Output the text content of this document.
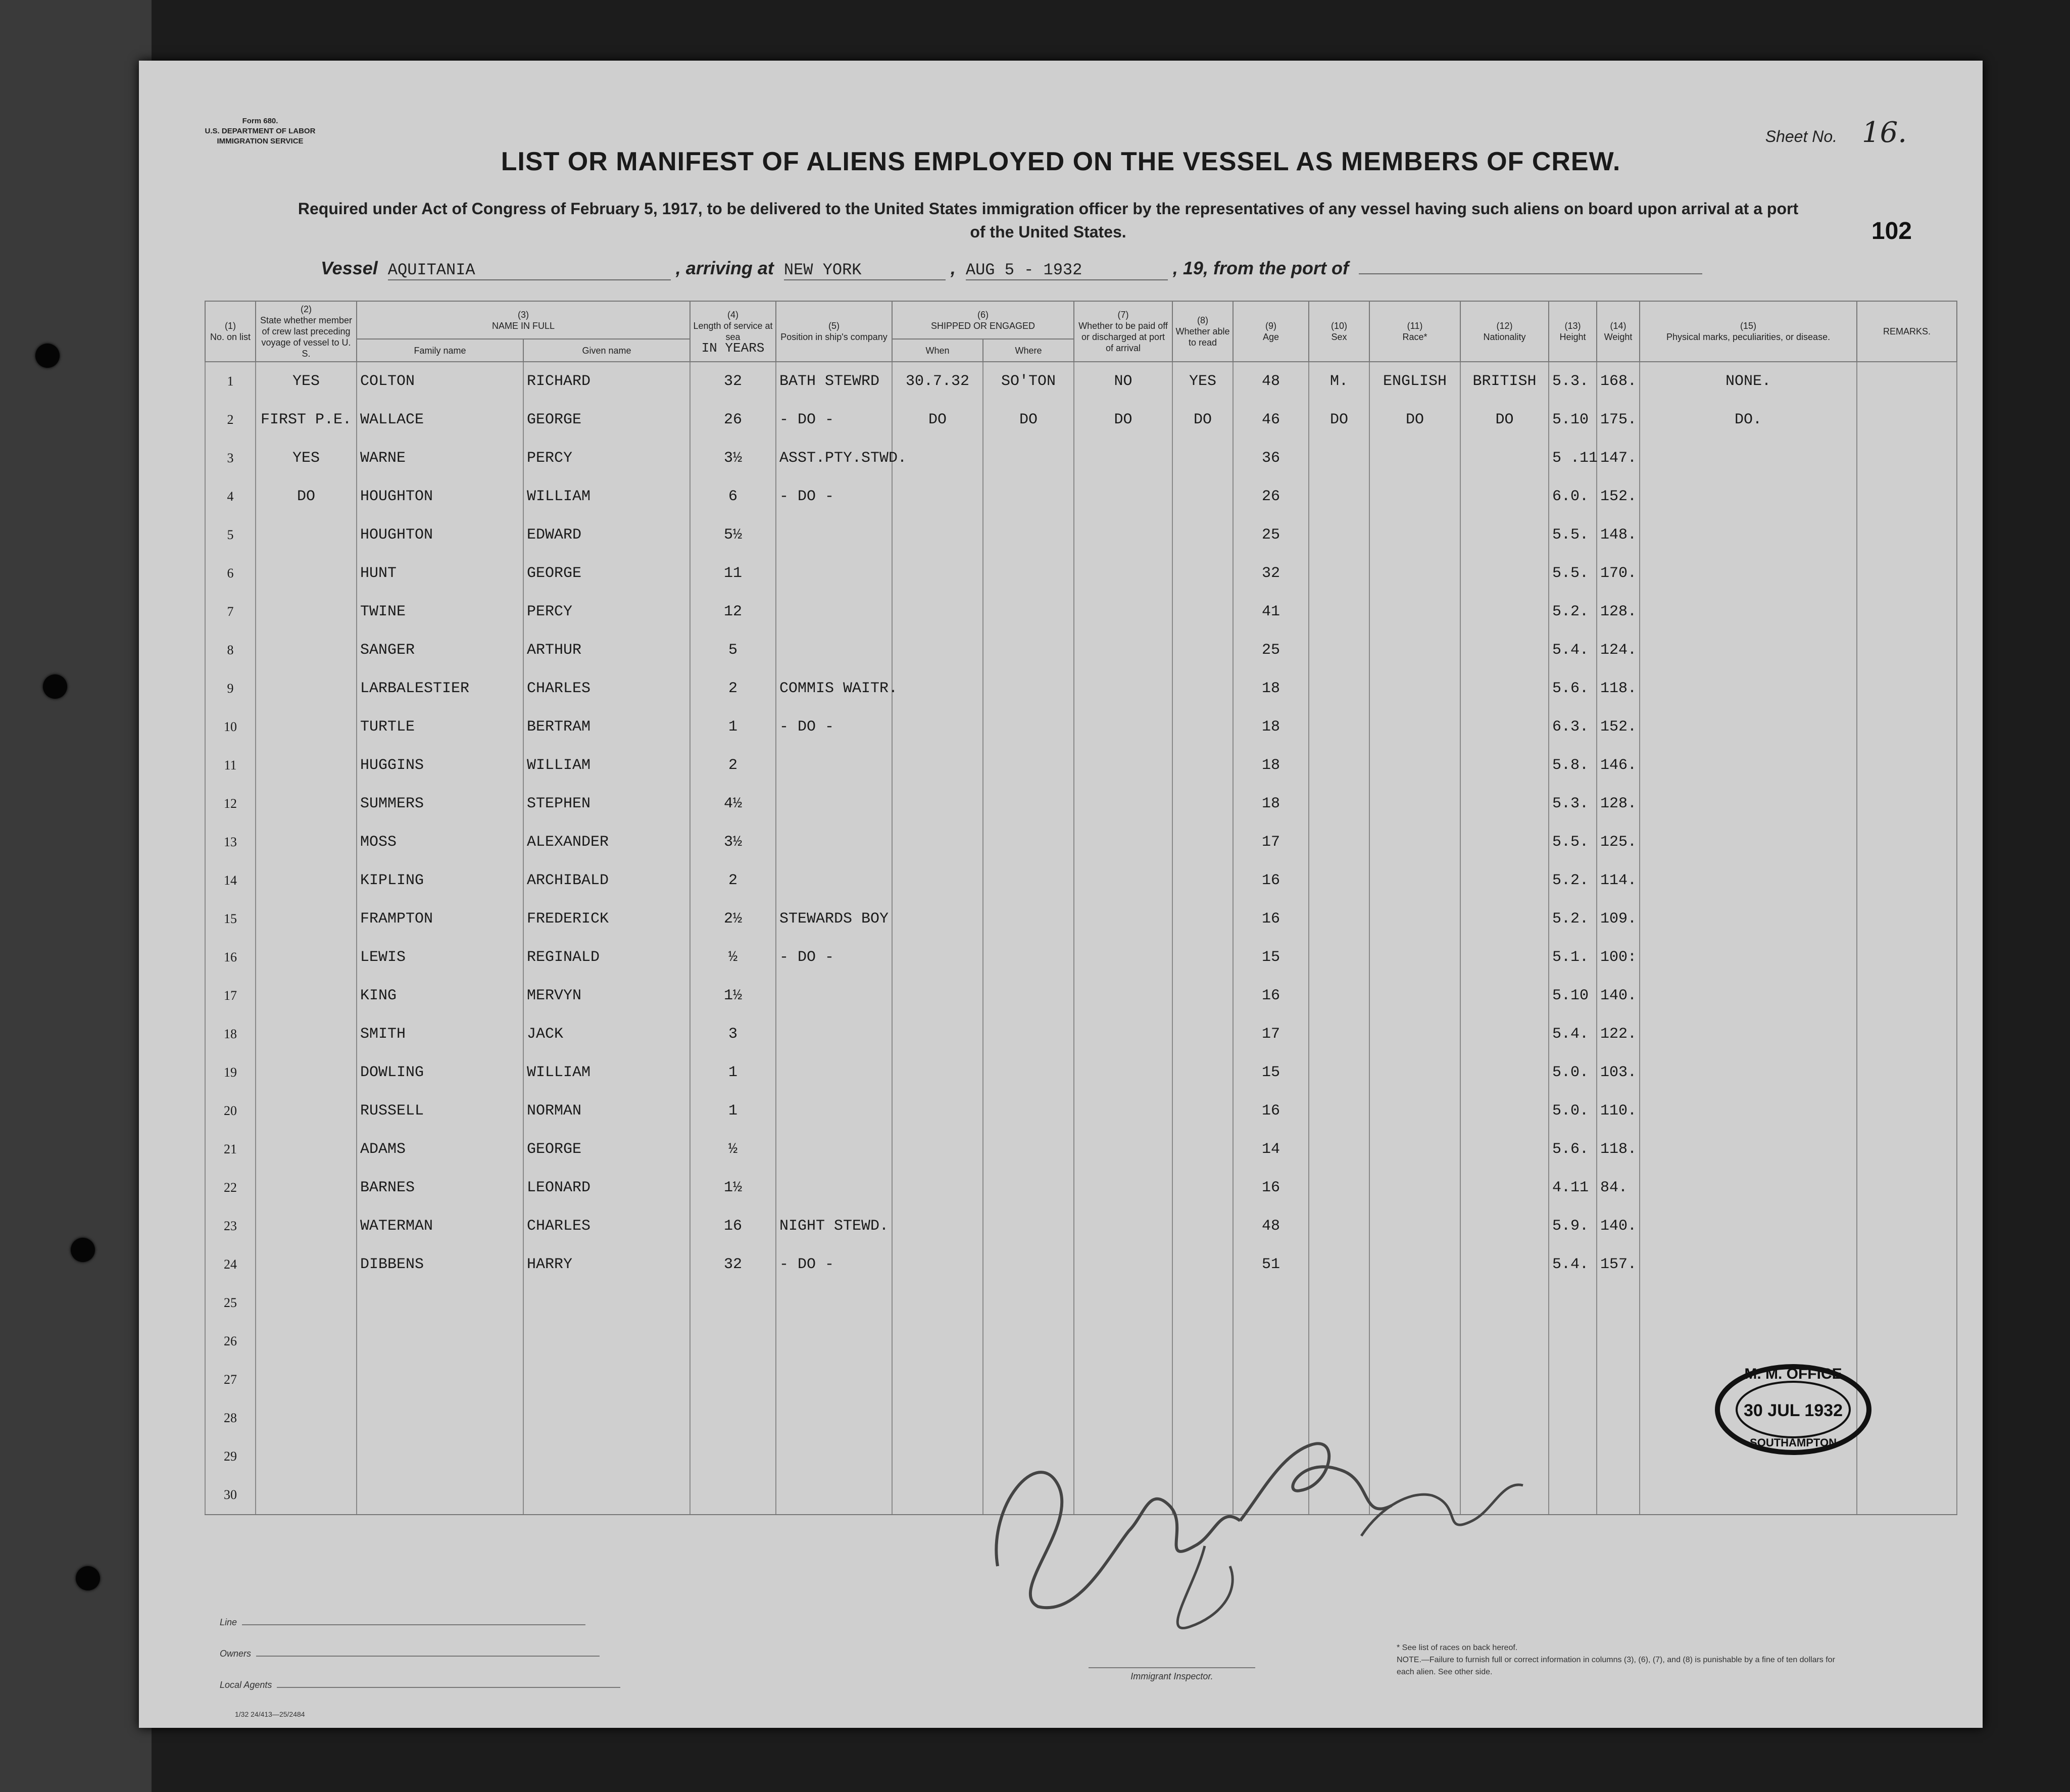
Form 680.
U.S. DEPARTMENT OF LABOR
IMMIGRATION SERVICE	Sheet No. 16.
LIST OR MANIFEST OF ALIENS EMPLOYED ON THE VESSEL AS MEMBERS OF CREW.
Required under Act of Congress of February 5, 1917, to be delivered to the United States immigration officer by the representatives of any vessel having such aliens on board upon arrival at a port of the United States.	102
Vessel AQUITANIA	, arriving at NEW YORK	, AUG 5 - 1932	, 19, from the port of
(1)
No. on list	(2)
State whether member of crew last preceding voyage of vessel to U. S.	(3)
NAME IN FULL		(4)
Length of service at sea
IN YEARS	(5)
Position in ship's company	(6)
SHIPPED OR ENGAGED		(7)
Whether to be paid off or discharged at port of arrival	(8)
Whether able to read	(9)
Age	(10)
Sex	(11)
Race*	(12)
Nationality	(13)
Height	(14)
Weight	(15)
Physical marks, peculiarities, or disease.	REMARKS.
		Family name	Given name			When	Where										
1	YES	COLTON	RICHARD	32	BATH STEWRD	30.7.32	SO'TON	NO	YES	48	M.	ENGLISH	BRITISH	5.3.	168.	NONE.	
2	FIRST P.E.	WALLACE	GEORGE	26	- DO -	DO	DO	DO	DO	46	DO	DO	DO	5.10	175.	DO.	
3	YES	WARNE	PERCY	3½	ASST.PTY.STWD.					36				5 .11	147.		
4	DO	HOUGHTON	WILLIAM	6	- DO -					26				6.0.	152.		
5		HOUGHTON	EDWARD	5½						25				5.5.	148.		
6		HUNT	GEORGE	11						32				5.5.	170.		
7		TWINE	PERCY	12						41				5.2.	128.		
8		SANGER	ARTHUR	5						25				5.4.	124.		
9		LARBALESTIER	CHARLES	2	COMMIS WAITR.					18				5.6.	118.		
10		TURTLE	BERTRAM	1	- DO -					18				6.3.	152.		
11		HUGGINS	WILLIAM	2						18				5.8.	146.		
12		SUMMERS	STEPHEN	4½						18				5.3.	128.		
13		MOSS	ALEXANDER	3½						17				5.5.	125.		
14		KIPLING	ARCHIBALD	2						16				5.2.	114.		
15		FRAMPTON	FREDERICK	2½	STEWARDS BOY					16				5.2.	109.		
16		LEWIS	REGINALD	½	- DO -					15				5.1.	100:		
17		KING	MERVYN	1½						16				5.10	140.		
18		SMITH	JACK	3						17				5.4.	122.		
19		DOWLING	WILLIAM	1						15				5.0.	103.		
20		RUSSELL	NORMAN	1						16				5.0.	110.		
21		ADAMS	GEORGE	½						14				5.6.	118.		
22		BARNES	LEONARD	1½						16				4.11	84.		
23		WATERMAN	CHARLES	16	NIGHT STEWD.					48				5.9.	140.		
24		DIBBENS	HARRY	32	- DO -					51				5.4.	157.		
25																	
26																	
27																	
28																	
29																	
30																	
M. M. OFFICE
30 JUL 1932
SOUTHAMPTON
Herbert J Cooley
Inspector
Line
Owners
Local Agents
Immigrant Inspector.
* See list of races on back hereof.
NOTE.—Failure to furnish full or correct information in columns (3), (6), (7), and (8) is punishable by a fine of ten dollars for each alien. See other side.
1/32 24/413—25/2484
